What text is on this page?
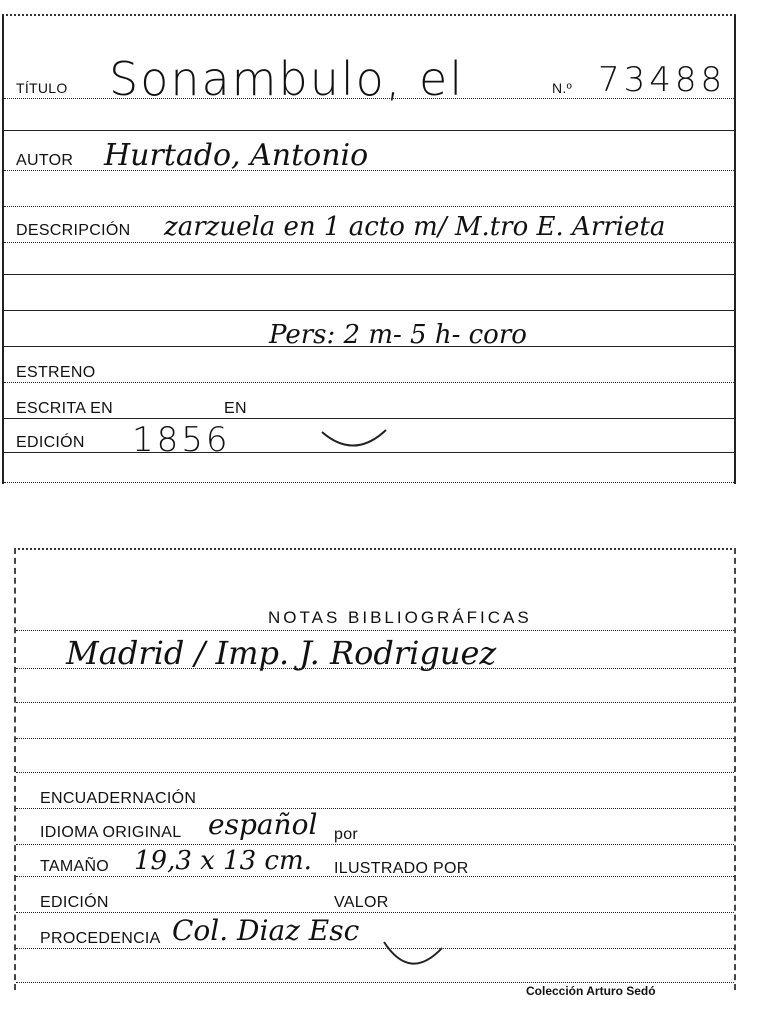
TÍTULO Sonambulo, el	N.º 73488
AUTOR Hurtado, Antonio
DESCRIPCIÓN zarzuela en 1 acto m/ M.tro E. Arrieta
Pers: 2 m- 5 h- coro
ESTRENO
ESCRITA EN	EN
EDICIÓN 1856
NOTAS BIBLIOGRÁFICAS
Madrid / Imp. J. Rodriguez
ENCUADERNACIÓN
IDIOMA ORIGINAL español por
TAMAÑO 19,3 x 13 cm. ILUSTRADO POR
EDICIÓN	VALOR
PROCEDENCIA Col. Diaz Esc
Colección Arturo Sedó
